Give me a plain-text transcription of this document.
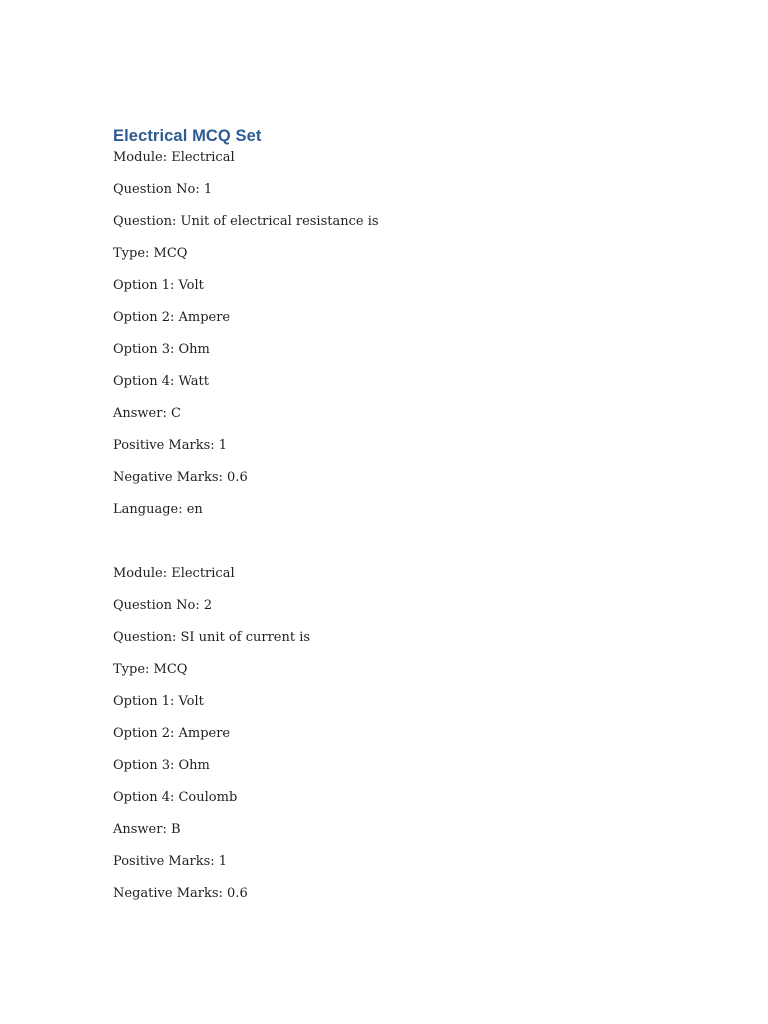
Electrical MCQ Set

Module: Electrical

Question No: 1

Question: Unit of electrical resistance is

Type: MCQ

Option 1: Volt

Option 2: Ampere

Option 3: Ohm

Option 4: Watt

Answer: C

Positive Marks: 1

Negative Marks: 0.6

Language: en

Module: Electrical

Question No: 2

Question: SI unit of current is

Type: MCQ

Option 1: Volt

Option 2: Ampere

Option 3: Ohm

Option 4: Coulomb

Answer: B

Positive Marks: 1

Negative Marks: 0.6
